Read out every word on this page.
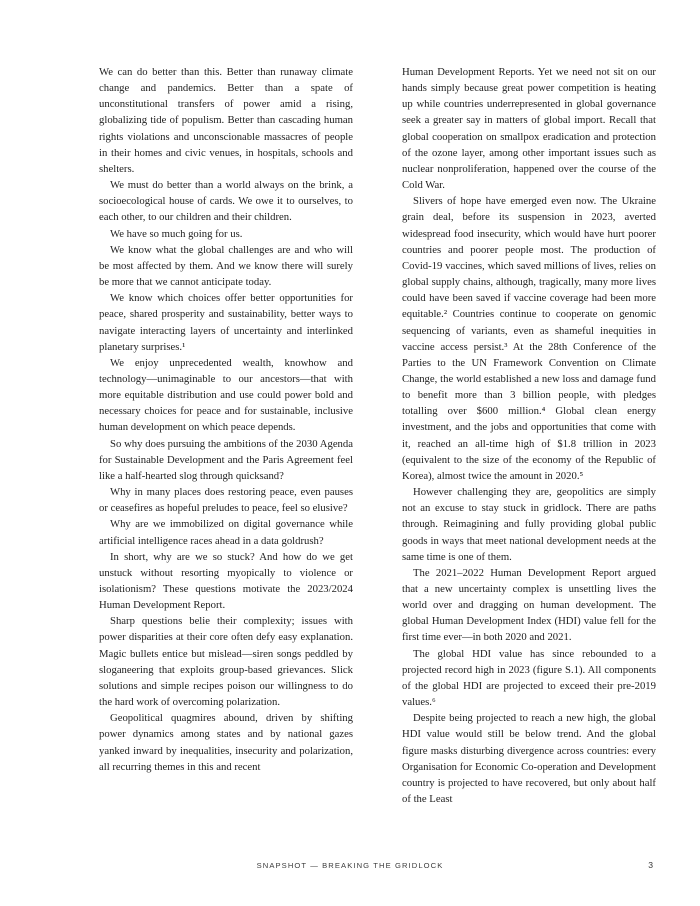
We can do better than this. Better than runaway climate change and pandemics. Better than a spate of unconstitutional transfers of power amid a rising, globalizing tide of populism. Better than cascading human rights violations and unconscionable massacres of people in their homes and civic venues, in hospitals, schools and shelters.

We must do better than a world always on the brink, a socioecological house of cards. We owe it to ourselves, to each other, to our children and their children.

We have so much going for us.

We know what the global challenges are and who will be most affected by them. And we know there will surely be more that we cannot anticipate today.

We know which choices offer better opportunities for peace, shared prosperity and sustainability, better ways to navigate interacting layers of uncertainty and interlinked planetary surprises.¹

We enjoy unprecedented wealth, knowhow and technology—unimaginable to our ancestors—that with more equitable distribution and use could power bold and necessary choices for peace and for sustainable, inclusive human development on which peace depends.

So why does pursuing the ambitions of the 2030 Agenda for Sustainable Development and the Paris Agreement feel like a half-hearted slog through quicksand?

Why in many places does restoring peace, even pauses or ceasefires as hopeful preludes to peace, feel so elusive?

Why are we immobilized on digital governance while artificial intelligence races ahead in a data goldrush?

In short, why are we so stuck? And how do we get unstuck without resorting myopically to violence or isolationism? These questions motivate the 2023/2024 Human Development Report.

Sharp questions belie their complexity; issues with power disparities at their core often defy easy explanation. Magic bullets entice but mislead—siren songs peddled by sloganeering that exploits group-based grievances. Slick solutions and simple recipes poison our willingness to do the hard work of overcoming polarization.

Geopolitical quagmires abound, driven by shifting power dynamics among states and by national gazes yanked inward by inequalities, insecurity and polarization, all recurring themes in this and recent

Human Development Reports. Yet we need not sit on our hands simply because great power competition is heating up while countries underrepresented in global governance seek a greater say in matters of global import. Recall that global cooperation on smallpox eradication and protection of the ozone layer, among other important issues such as nuclear nonproliferation, happened over the course of the Cold War.

Slivers of hope have emerged even now. The Ukraine grain deal, before its suspension in 2023, averted widespread food insecurity, which would have hurt poorer countries and poorer people most. The production of Covid-19 vaccines, which saved millions of lives, relies on global supply chains, although, tragically, many more lives could have been saved if vaccine coverage had been more equitable.² Countries continue to cooperate on genomic sequencing of variants, even as shameful inequities in vaccine access persist.³ At the 28th Conference of the Parties to the UN Framework Convention on Climate Change, the world established a new loss and damage fund to benefit more than 3 billion people, with pledges totalling over $600 million.⁴ Global clean energy investment, and the jobs and opportunities that come with it, reached an all-time high of $1.8 trillion in 2023 (equivalent to the size of the economy of the Republic of Korea), almost twice the amount in 2020.⁵

However challenging they are, geopolitics are simply not an excuse to stay stuck in gridlock. There are paths through. Reimagining and fully providing global public goods in ways that meet national development needs at the same time is one of them.

The 2021–2022 Human Development Report argued that a new uncertainty complex is unsettling lives the world over and dragging on human development. The global Human Development Index (HDI) value fell for the first time ever—in both 2020 and 2021.

The global HDI value has since rebounded to a projected record high in 2023 (figure S.1). All components of the global HDI are projected to exceed their pre-2019 values.⁶

Despite being projected to reach a new high, the global HDI value would still be below trend. And the global figure masks disturbing divergence across countries: every Organisation for Economic Co-operation and Development country is projected to have recovered, but only about half of the Least

SNAPSHOT — BREAKING THE GRIDLOCK	3
